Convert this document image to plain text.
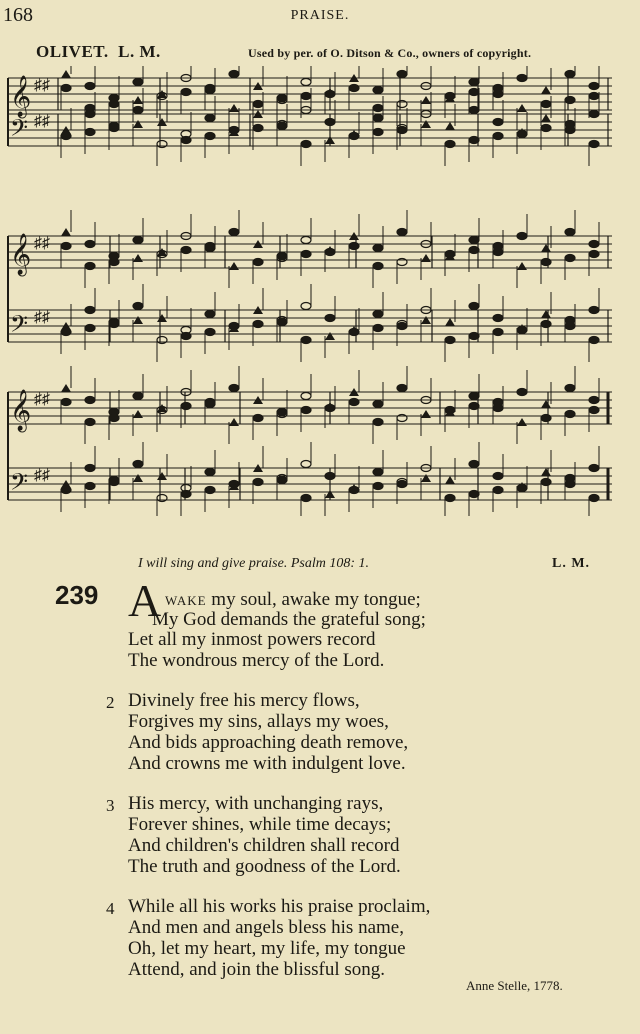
168	PRAISE.
OLIVET. L. M.	Used by per. of O. Ditson & Co., owners of copyright.
𝄞 ♯♯
𝄢 ♯♯
𝄞 ♯♯
𝄢 ♯♯
𝄞 ♯♯
𝄢 ♯♯
I will sing and give praise. Psalm 108: 1.	L. M.
239 A WAKE my soul, awake my tongue;
My God demands the grateful song;
Let all my inmost powers record
The wondrous mercy of the Lord.
2 Divinely free his mercy flows,
Forgives my sins, allays my woes,
And bids approaching death remove,
And crowns me with indulgent love.
3 His mercy, with unchanging rays,
Forever shines, while time decays;
And children's children shall record
The truth and goodness of the Lord.
4 While all his works his praise proclaim,
And men and angels bless his name,
Oh, let my heart, my life, my tongue
Attend, and join the blissful song.
Anne Stelle, 1778.
